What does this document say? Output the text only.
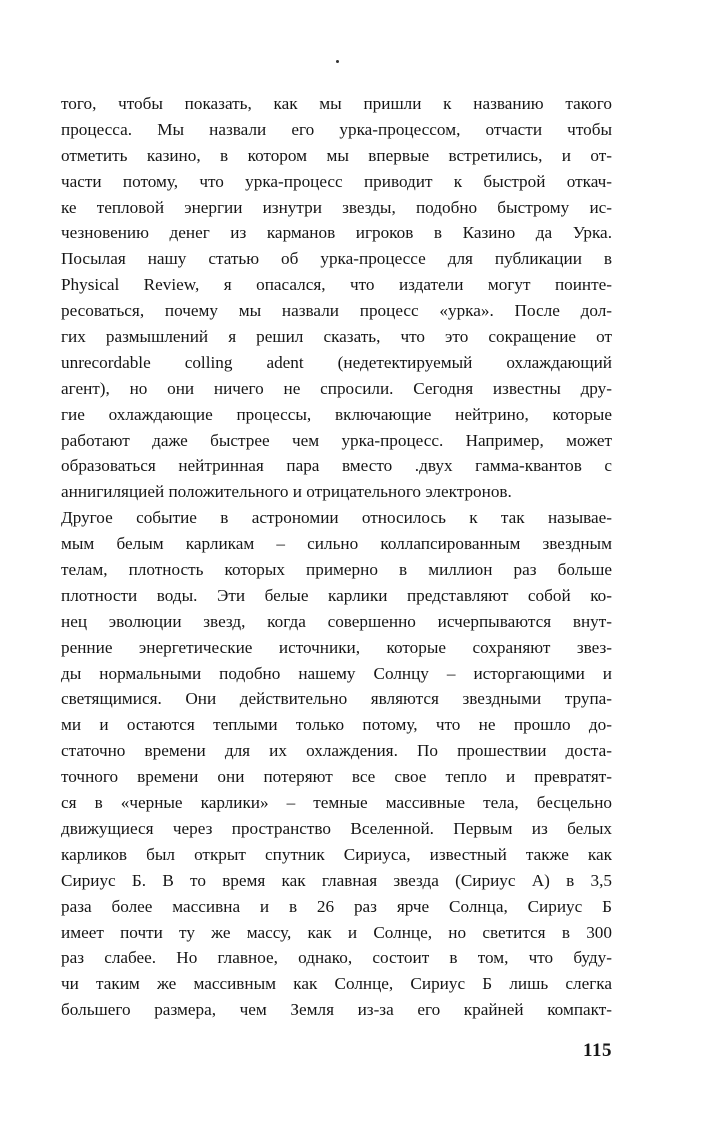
того, чтобы показать, как мы пришли к названию такого
процесса. Мы назвали его урка-процессом, отчасти чтобы
отметить казино, в котором мы впервые встретились, и от-
части потому, что урка-процесс приводит к быстрой откач-
ке тепловой энергии изнутри звезды, подобно быстрому ис-
чезновению денег из карманов игроков в Казино да Урка.
Посылая нашу статью об урка-процессе для публикации в
Physical Review, я опасался, что издатели могут поинте-
ресоваться, почему мы назвали процесс «урка». После дол-
гих размышлений я решил сказать, что это сокращение от
unrecordable colling adent (недетектируемый охлаждающий
агент), но они ничего не спросили. Сегодня известны дру-
гие охлаждающие процессы, включающие нейтрино, которые
работают даже быстрее чем урка-процесс. Например, может
образоваться нейтринная пара вместо .двух гамма-квантов с
аннигиляцией положительного и отрицательного электронов.
Другое событие в астрономии относилось к так называе-
мым белым карликам – сильно коллапсированным звездным
телам, плотность которых примерно в миллион раз больше
плотности воды. Эти белые карлики представляют собой ко-
нец эволюции звезд, когда совершенно исчерпываются внут-
ренние энергетические источники, которые сохраняют звез-
ды нормальными подобно нашему Солнцу – исторгающими и
светящимися. Они действительно являются звездными трупа-
ми и остаются теплыми только потому, что не прошло до-
статочно времени для их охлаждения. По прошествии доста-
точного времени они потеряют все свое тепло и превратят-
ся в «черные карлики» – темные массивные тела, бесцельно
движущиеся через пространство Вселенной. Первым из белых
карликов был открыт спутник Сириуса, известный также как
Сириус Б. В то время как главная звезда (Сириус А) в 3,5
раза более массивна и в 26 раз ярче Солнца, Сириус Б
имеет почти ту же массу, как и Солнце, но светится в 300
раз слабее. Но главное, однако, состоит в том, что буду-
чи таким же массивным как Солнце, Сириус Б лишь слегка
большего размера, чем Земля из-за его крайней компакт-
115
